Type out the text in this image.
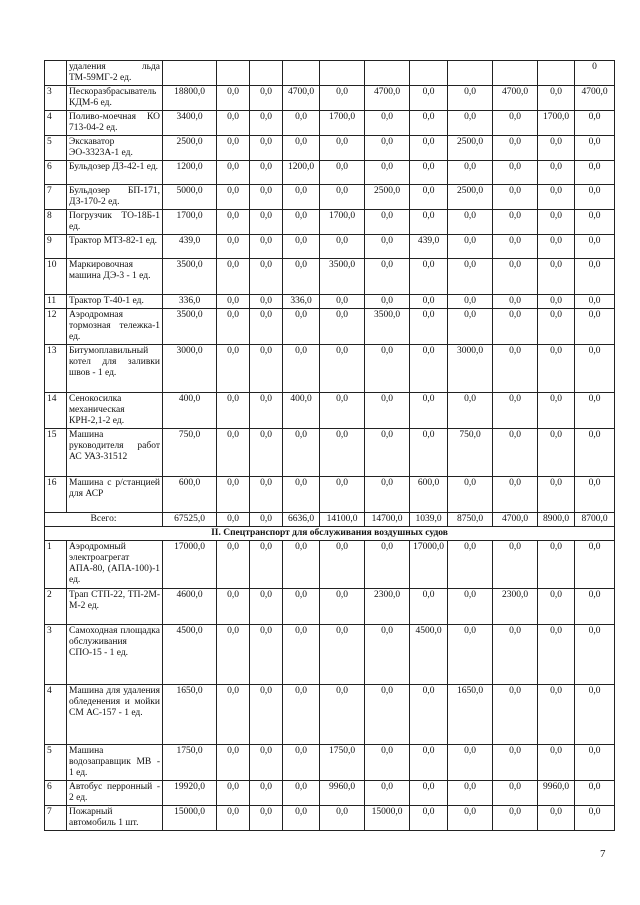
	удаления льда ТМ-59МГ-2 ед.											0
3	Пескоразбрасыватель КДМ-6 ед.	18800,0	0,0	0,0	4700,0	0,0	4700,0	0,0	0,0	4700,0	0,0	4700,0
4	Поливо-моечная КО 713-04-2 ед.	3400,0	0,0	0,0	0,0	1700,0	0,0	0,0	0,0	0,0	1700,0	0,0
5	Экскаватор ЭО-3323А-1 ед.	2500,0	0,0	0,0	0,0	0,0	0,0	0,0	2500,0	0,0	0,0	0,0
6	Бульдозер ДЗ-42-1 ед.	1200,0	0,0	0,0	1200,0	0,0	0,0	0,0	0,0	0,0	0,0	0,0
7	Бульдозер БП-171, ДЗ-170-2 ед.	5000,0	0,0	0,0	0,0	0,0	2500,0	0,0	2500,0	0,0	0,0	0,0
8	Погрузчик ТО-18Б-1 ед.	1700,0	0,0	0,0	0,0	1700,0	0,0	0,0	0,0	0,0	0,0	0,0
9	Трактор МТЗ-82-1 ед.	439,0	0,0	0,0	0,0	0,0	0,0	439,0	0,0	0,0	0,0	0,0
10	Маркировочная машина ДЭ-3 - 1 ед.	3500,0	0,0	0,0	0,0	3500,0	0,0	0,0	0,0	0,0	0,0	0,0
11	Трактор Т-40-1 ед.	336,0	0,0	0,0	336,0	0,0	0,0	0,0	0,0	0,0	0,0	0,0
12	Аэродромная тормозная тележка-1 ед.	3500,0	0,0	0,0	0,0	0,0	3500,0	0,0	0,0	0,0	0,0	0,0
13	Битумоплавильный котел для заливки швов - 1 ед.	3000,0	0,0	0,0	0,0	0,0	0,0	0,0	3000,0	0,0	0,0	0,0
14	Сенокосилка механическая КРН-2,1-2 ед.	400,0	0,0	0,0	400,0	0,0	0,0	0,0	0,0	0,0	0,0	0,0
15	Машина руководителя работ АС УАЗ-31512	750,0	0,0	0,0	0,0	0,0	0,0	0,0	750,0	0,0	0,0	0,0
16	Машина с р/станцией для АСР	600,0	0,0	0,0	0,0	0,0	0,0	600,0	0,0	0,0	0,0	0,0
Всего:		67525,0	0,0	0,0	6636,0	14100,0	14700,0	1039,0	8750,0	4700,0	8900,0	8700,0
II. Спецтранспорт для обслуживания воздушных судов												
1	Аэродромный электроагрегат АПА-80, (АПА-100)-1 ед.	17000,0	0,0	0,0	0,0	0,0	0,0	17000,0	0,0	0,0	0,0	0,0
2	Трап СТП-22, ТП-2М-М-2 ед.	4600,0	0,0	0,0	0,0	0,0	2300,0	0,0	0,0	2300,0	0,0	0,0
3	Самоходная площадка обслуживания СПО-15 - 1 ед.	4500,0	0,0	0,0	0,0	0,0	0,0	4500,0	0,0	0,0	0,0	0,0
4	Машина для удаления обледенения и мойки СМ АС-157 - 1 ед.	1650,0	0,0	0,0	0,0	0,0	0,0	0,0	1650,0	0,0	0,0	0,0
5	Машина водозаправщик МВ - 1 ед.	1750,0	0,0	0,0	0,0	1750,0	0,0	0,0	0,0	0,0	0,0	0,0
6	Автобус перронный - 2 ед.	19920,0	0,0	0,0	0,0	9960,0	0,0	0,0	0,0	0,0	9960,0	0,0
7	Пожарный автомобиль 1 шт.	15000,0	0,0	0,0	0,0	0,0	15000,0	0,0	0,0	0,0	0,0	0,0
7
